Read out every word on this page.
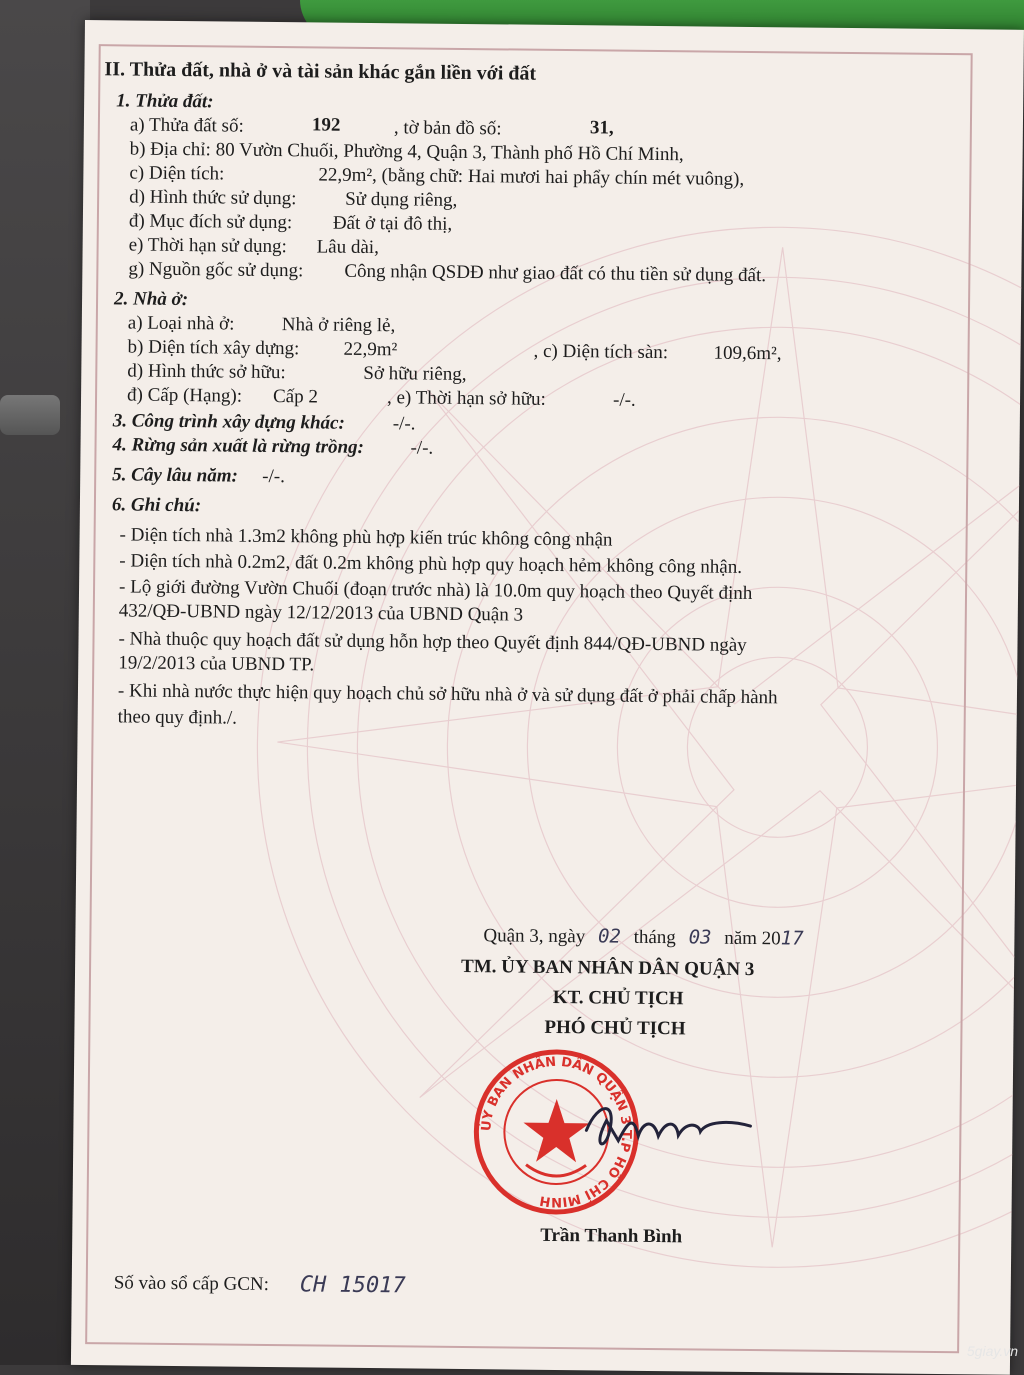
II. Thửa đất, nhà ở và tài sản khác gắn liền với đất
1. Thửa đất:
a) Thửa đất số:	192	, tờ bản đồ số:	31,
b) Địa chỉ: 80 Vườn Chuối, Phường 4, Quận 3, Thành phố Hồ Chí Minh,
c) Diện tích:	22,9m², (bằng chữ: Hai mươi hai phẩy chín mét vuông),
d) Hình thức sử dụng:	Sử dụng riêng,
đ) Mục đích sử dụng: Đất ở tại đô thị,
e) Thời hạn sử dụng: Lâu dài,
g) Nguồn gốc sử dụng: Công nhận QSDĐ như giao đất có thu tiền sử dụng đất.
2. Nhà ở:
a) Loại nhà ở: Nhà ở riêng lẻ,
b) Diện tích xây dựng: 22,9m²	, c) Diện tích sàn: 109,6m²,
d) Hình thức sở hữu:	Sở hữu riêng,
đ) Cấp (Hạng): Cấp 2	, e) Thời hạn sở hữu:	-/-.
3. Công trình xây dựng khác:	-/-.
4. Rừng sản xuất là rừng trồng: -/-.
5. Cây lâu năm: -/-.
6. Ghi chú:
- Diện tích nhà 1.3m2 không phù hợp kiến trúc không công nhận
- Diện tích nhà 0.2m2, đất 0.2m không phù hợp quy hoạch hẻm không công nhận.
- Lộ giới đường Vườn Chuối (đoạn trước nhà) là 10.0m quy hoạch theo Quyết định
432/QĐ-UBND ngày 12/12/2013 của UBND Quận 3
- Nhà thuộc quy hoạch đất sử dụng hỗn hợp theo Quyết định 844/QĐ-UBND ngày
19/2/2013 của UBND TP.
- Khi nhà nước thực hiện quy hoạch chủ sở hữu nhà ở và sử dụng đất ở phải chấp hành
theo quy định./.
Quận 3, ngày 02 tháng 03 năm 2017
TM. ỦY BAN NHÂN DÂN QUẬN 3
KT. CHỦ TỊCH
PHÓ CHỦ TỊCH
ỦY BAN NHÂN DÂN QUẬN 3 T.P HỒ CHÍ MINH
Trần Thanh Bình
Số vào sổ cấp GCN: CH 15017
5giay.vn
